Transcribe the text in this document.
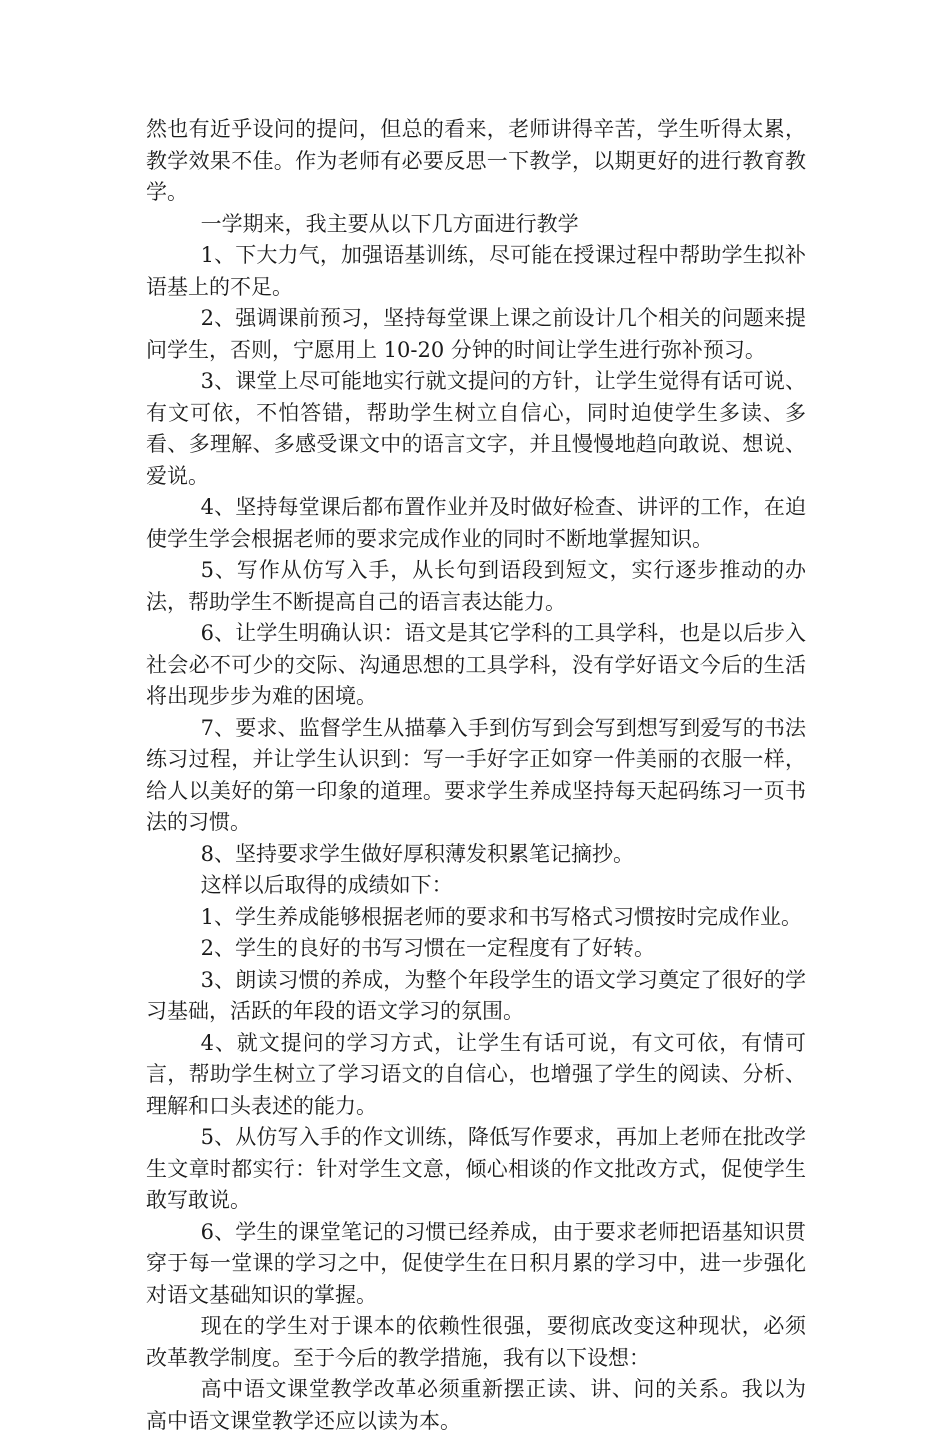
然也有近乎设问的提问，但总的看来，老师讲得辛苦，学生听得太累，教学效果不佳。作为老师有必要反思一下教学，以期更好的进行教育教学。

一学期来，我主要从以下几方面进行教学

1、下大力气，加强语基训练，尽可能在授课过程中帮助学生拟补语基上的不足。

2、强调课前预习，坚持每堂课上课之前设计几个相关的问题来提问学生，否则，宁愿用上 10-20 分钟的时间让学生进行弥补预习。

3、课堂上尽可能地实行就文提问的方针，让学生觉得有话可说、有文可依，不怕答错，帮助学生树立自信心，同时迫使学生多读、多看、多理解、多感受课文中的语言文字，并且慢慢地趋向敢说、想说、爱说。

4、坚持每堂课后都布置作业并及时做好检查、讲评的工作，在迫使学生学会根据老师的要求完成作业的同时不断地掌握知识。

5、写作从仿写入手，从长句到语段到短文，实行逐步推动的办法，帮助学生不断提高自己的语言表达能力。

6、让学生明确认识：语文是其它学科的工具学科，也是以后步入社会必不可少的交际、沟通思想的工具学科，没有学好语文今后的生活将出现步步为难的困境。

7、要求、监督学生从描摹入手到仿写到会写到想写到爱写的书法练习过程，并让学生认识到：写一手好字正如穿一件美丽的衣服一样，给人以美好的第一印象的道理。要求学生养成坚持每天起码练习一页书法的习惯。

8、坚持要求学生做好厚积薄发积累笔记摘抄。

这样以后取得的成绩如下：

1、学生养成能够根据老师的要求和书写格式习惯按时完成作业。

2、学生的良好的书写习惯在一定程度有了好转。

3、朗读习惯的养成，为整个年段学生的语文学习奠定了很好的学习基础，活跃的年段的语文学习的氛围。

4、就文提问的学习方式，让学生有话可说，有文可依，有情可言，帮助学生树立了学习语文的自信心，也增强了学生的阅读、分析、理解和口头表述的能力。

5、从仿写入手的作文训练，降低写作要求，再加上老师在批改学生文章时都实行：针对学生文意，倾心相谈的作文批改方式，促使学生敢写敢说。

6、学生的课堂笔记的习惯已经养成，由于要求老师把语基知识贯穿于每一堂课的学习之中，促使学生在日积月累的学习中，进一步强化对语文基础知识的掌握。

现在的学生对于课本的依赖性很强，要彻底改变这种现状，必须改革教学制度。至于今后的教学措施，我有以下设想：

高中语文课堂教学改革必须重新摆正读、讲、问的关系。我以为高中语文课堂教学还应以读为本。
